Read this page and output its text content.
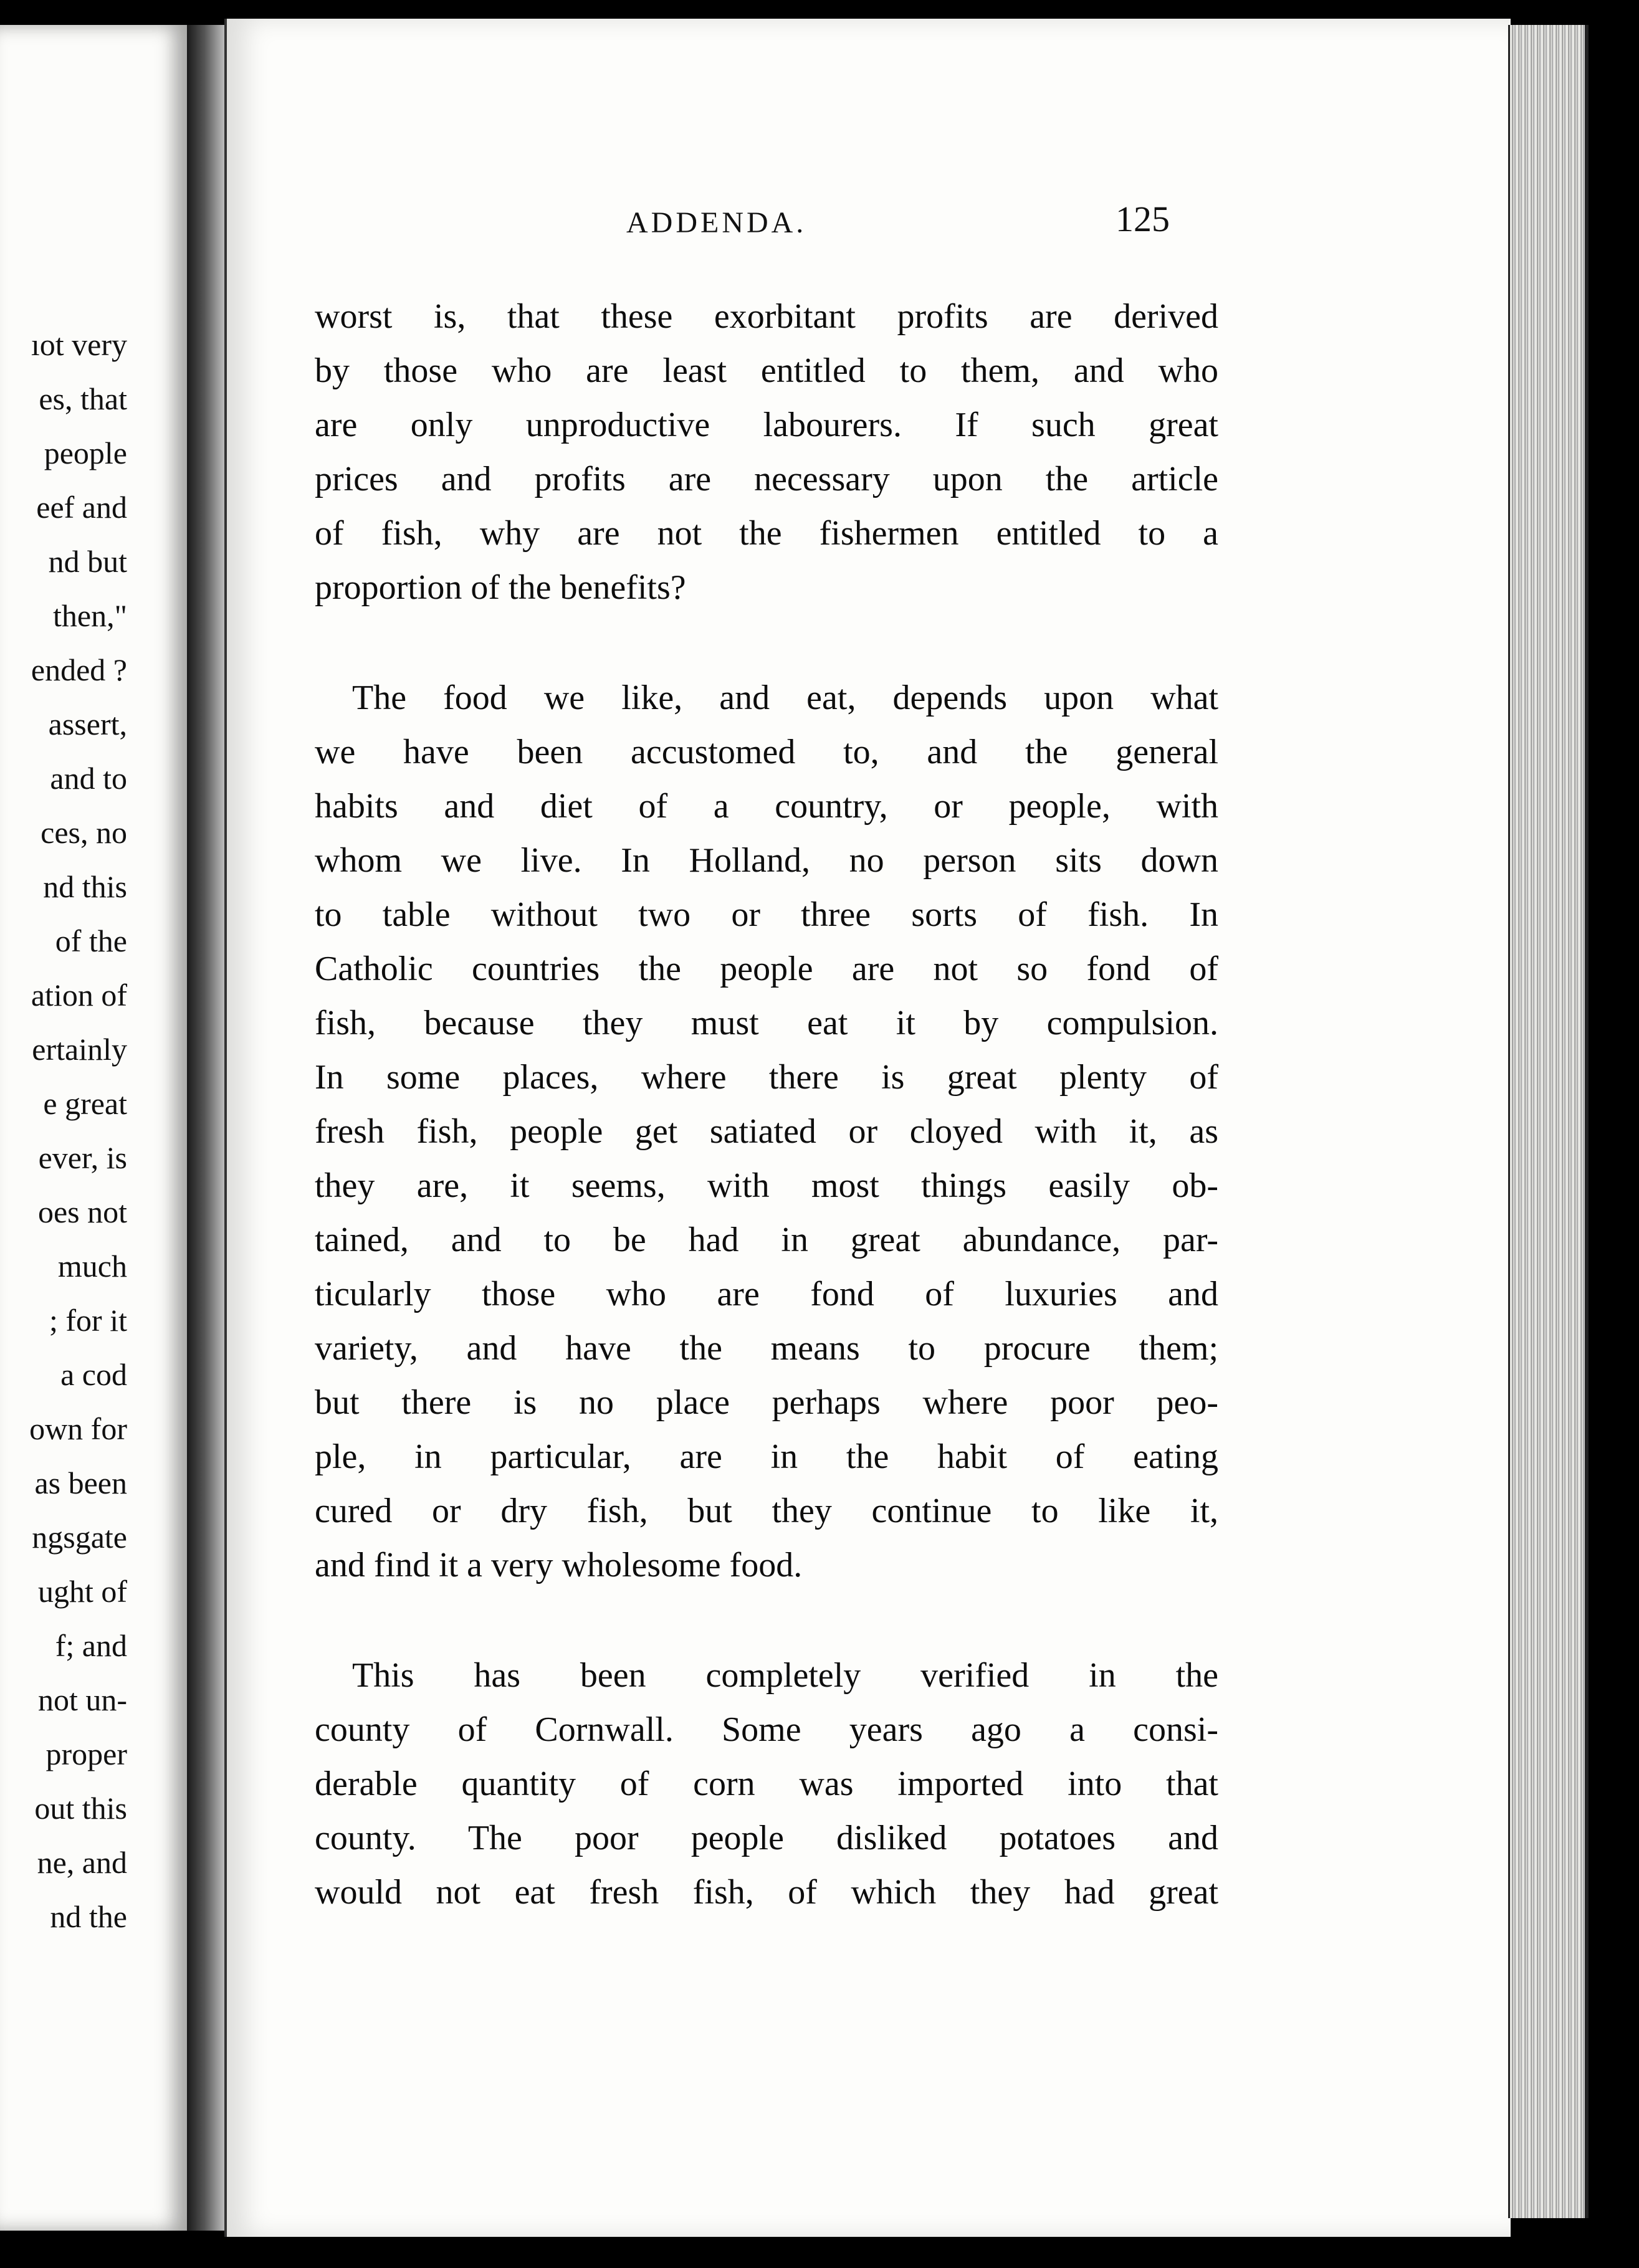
ıot very
es, that
people
eef and
nd but
then,"
ended ?
assert,
and to
ces, no
nd this
of the
ation of
ertainly
e great
ever, is
oes not
much
; for it
a cod
own for
as been
ngsgate
ught of
f; and
not un-
proper
out this
ne, and
nd the
ADDENDA.	125
worst is, that these exorbitant profits are derived
by those who are least entitled to them, and who
are only unproductive labourers. If such great
prices and profits are necessary upon the article
of fish, why are not the fishermen entitled to a
proportion of the benefits?
The food we like, and eat, depends upon what
we have been accustomed to, and the general
habits and diet of a country, or people, with
whom we live. In Holland, no person sits down
to table without two or three sorts of fish. In
Catholic countries the people are not so fond of
fish, because they must eat it by compulsion.
In some places, where there is great plenty of
fresh fish, people get satiated or cloyed with it, as
they are, it seems, with most things easily ob-
tained, and to be had in great abundance, par-
ticularly those who are fond of luxuries and
variety, and have the means to procure them;
but there is no place perhaps where poor peo-
ple, in particular, are in the habit of eating
cured or dry fish, but they continue to like it,
and find it a very wholesome food.
This has been completely verified in the
county of Cornwall. Some years ago a consi-
derable quantity of corn was imported into that
county. The poor people disliked potatoes and
would not eat fresh fish, of which they had great
